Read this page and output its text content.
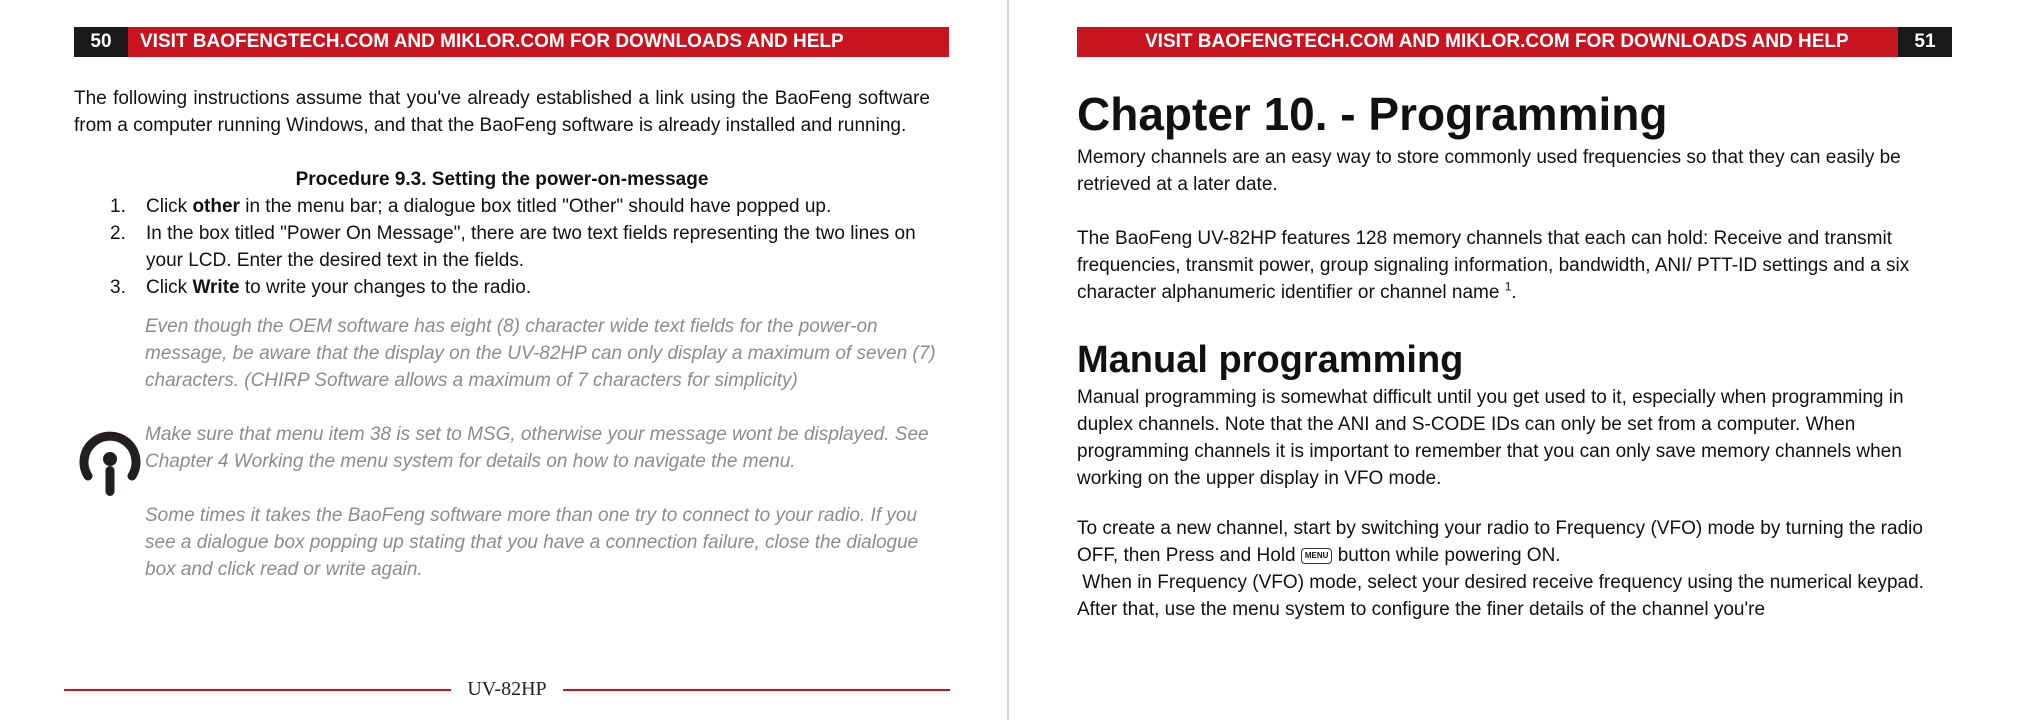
50	VISIT BAOFENGTECH.COM AND MIKLOR.COM FOR DOWNLOADS AND HELP

The following instructions assume that you've already established a link using the BaoFeng software from a computer running Windows, and that the BaoFeng software is already installed and running.

Procedure 9.3. Setting the power-on-message
1. Click other in the menu bar; a dialogue box titled "Other" should have popped up.
2. In the box titled "Power On Message", there are two text fields representing the two lines on your LCD. Enter the desired text in the fields.
3. Click Write to write your changes to the radio.

Even though the OEM software has eight (8) character wide text fields for the power-on message, be aware that the display on the UV-82HP can only display a maximum of seven (7) characters. (CHIRP Software allows a maximum of 7 characters for simplicity)

Make sure that menu item 38 is set to MSG, otherwise your message wont be displayed. See Chapter 4 Working the menu system for details on how to navigate the menu.

Some times it takes the BaoFeng software more than one try to connect to your radio. If you see a dialogue box popping up stating that you have a connection failure, close the dialogue box and click read or write again.

UV-82HP
VISIT BAOFENGTECH.COM AND MIKLOR.COM FOR DOWNLOADS AND HELP	51
Chapter 10. - Programming

Memory channels are an easy way to store commonly used frequencies so that they can easily be retrieved at a later date.

The BaoFeng UV-82HP features 128 memory channels that each can hold: Receive and transmit frequencies, transmit power, group signaling information, bandwidth, ANI/ PTT-ID settings and a six character alphanumeric identifier or channel name $^1$.

Manual programming

Manual programming is somewhat difficult until you get used to it, especially when programming in duplex channels. Note that the ANI and S-CODE IDs can only be set from a computer. When programming channels it is important to remember that you can only save memory channels when working on the upper display in VFO mode.

To create a new channel, start by switching your radio to Frequency (VFO) mode by turning the radio OFF, then Press and Hold MENU button while powering ON.

When in Frequency (VFO) mode, select your desired receive frequency using the numerical keypad. After that, use the menu system to configure the finer details of the channel you're
